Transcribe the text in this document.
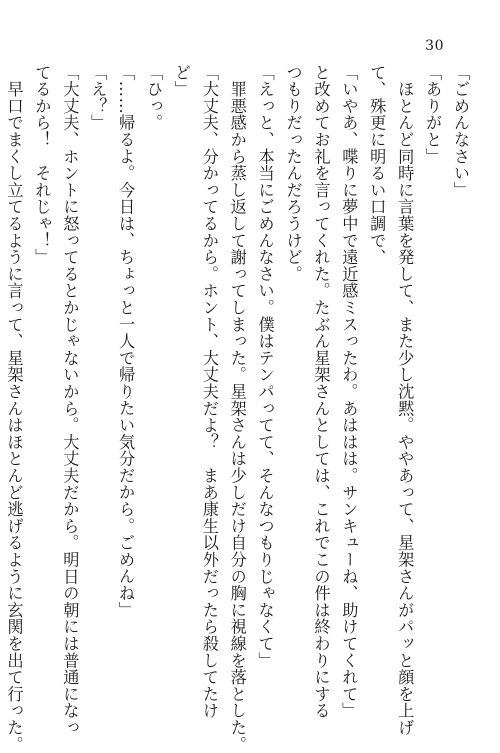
30
「ごめんなさい」
「ありがと」
　ほとんど同時に言葉を発して、また少し沈黙。ややあって、星架さんがパッと顔を上げ
て、殊更に明るい口調で、
「いやあ、喋りに夢中で遠近感ミスったわ。あははは。サンキューね、助けてくれて」
と改めてお礼を言ってくれた。たぶん星架さんとしては、これでこの件は終わりにする
つもりだったんだろうけど。
「えっと、本当にごめんなさい。僕はテンパってて、そんなつもりじゃなくて」
　罪悪感から蒸し返して謝ってしまった。星架さんは少しだけ自分の胸に視線を落とした。
「大丈夫、分かってるから。ホント、大丈夫だよ？　まあ康生以外だったら殺してたけ
ど」
「ひっ。
「……帰るよ。今日は、ちょっと一人で帰りたい気分だから。ごめんね」
「え？」
「大丈夫、ホントに怒ってるとかじゃないから。大丈夫だから。明日の朝には普通になっ
てるから！　それじゃ！」
　早口でまくし立てるように言って、星架さんはほとんど逃げるように玄関を出て行った。
